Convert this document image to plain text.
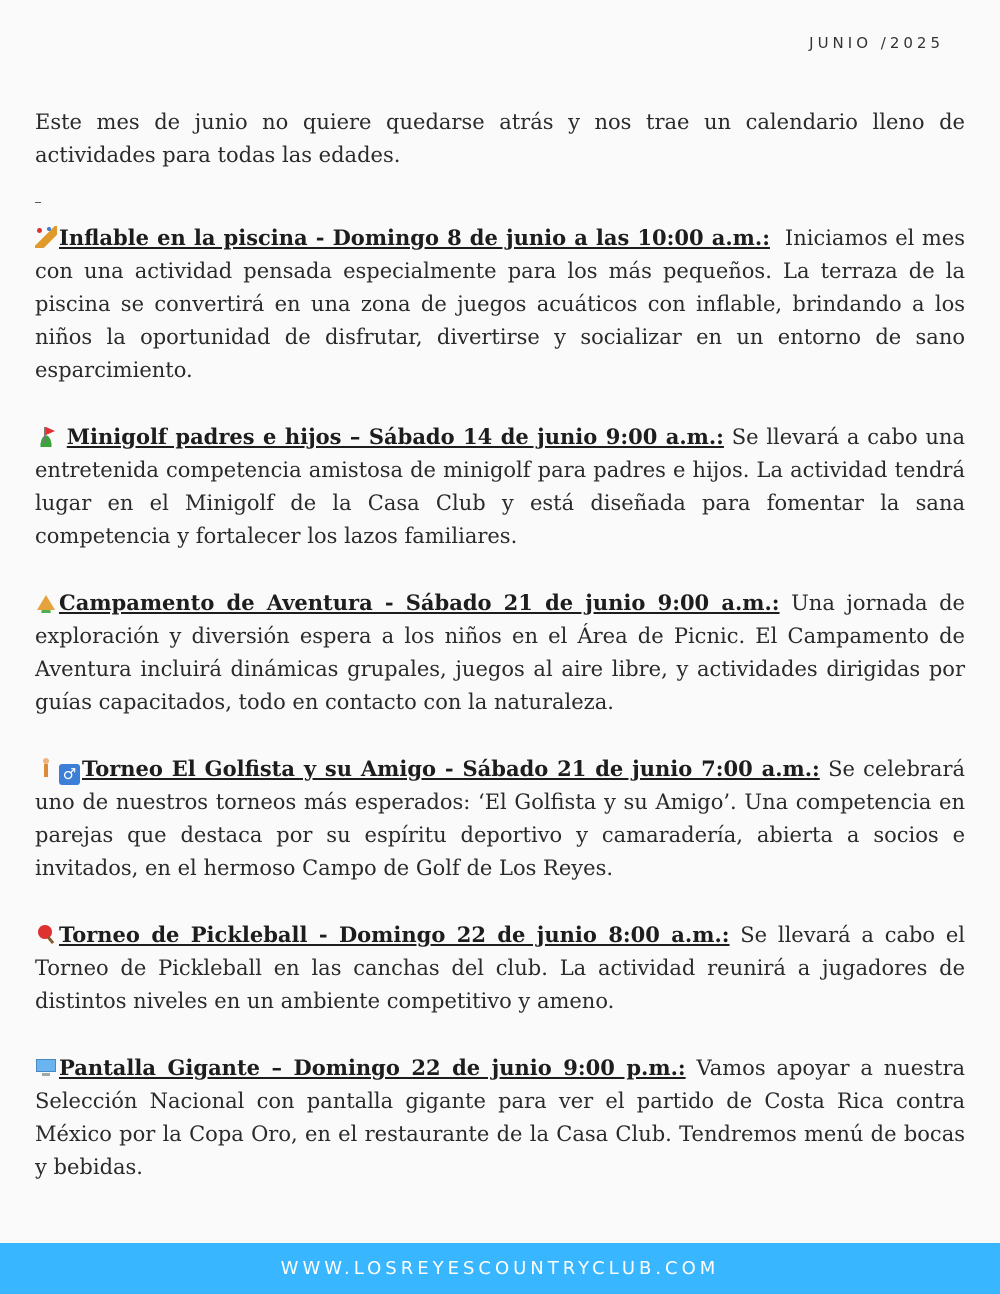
JUNIO /2025

Este mes de junio no quiere quedarse atrás y nos trae un calendario lleno de actividades para todas las edades.

Inflable en la piscina - Domingo 8 de junio a las 10:00 a.m.: Iniciamos el mes con una actividad pensada especialmente para los más pequeños. La terraza de la piscina se convertirá en una zona de juegos acuáticos con inflable, brindando a los niños la oportunidad de disfrutar, divertirse y socializar en un entorno de sano esparcimiento.

Minigolf padres e hijos – Sábado 14 de junio 9:00 a.m.: Se llevará a cabo una entretenida competencia amistosa de minigolf para padres e hijos. La actividad tendrá lugar en el Minigolf de la Casa Club y está diseñada para fomentar la sana competencia y fortalecer los lazos familiares.

Campamento de Aventura - Sábado 21 de junio 9:00 a.m.: Una jornada de exploración y diversión espera a los niños en el Área de Picnic. El Campamento de Aventura incluirá dinámicas grupales, juegos al aire libre, y actividades dirigidas por guías capacitados, todo en contacto con la naturaleza.

♂ Torneo El Golfista y su Amigo - Sábado 21 de junio 7:00 a.m.: Se celebrará uno de nuestros torneos más esperados: ‘El Golfista y su Amigo’. Una competencia en parejas que destaca por su espíritu deportivo y camaradería, abierta a socios e invitados, en el hermoso Campo de Golf de Los Reyes.

Torneo de Pickleball - Domingo 22 de junio 8:00 a.m.: Se llevará a cabo el Torneo de Pickleball en las canchas del club. La actividad reunirá a jugadores de distintos niveles en un ambiente competitivo y ameno.

Pantalla Gigante – Domingo 22 de junio 9:00 p.m.: Vamos apoyar a nuestra Selección Nacional con pantalla gigante para ver el partido de Costa Rica contra México por la Copa Oro, en el restaurante de la Casa Club. Tendremos menú de bocas y bebidas.

WWW.LOSREYESCOUNTRYCLUB.COM
